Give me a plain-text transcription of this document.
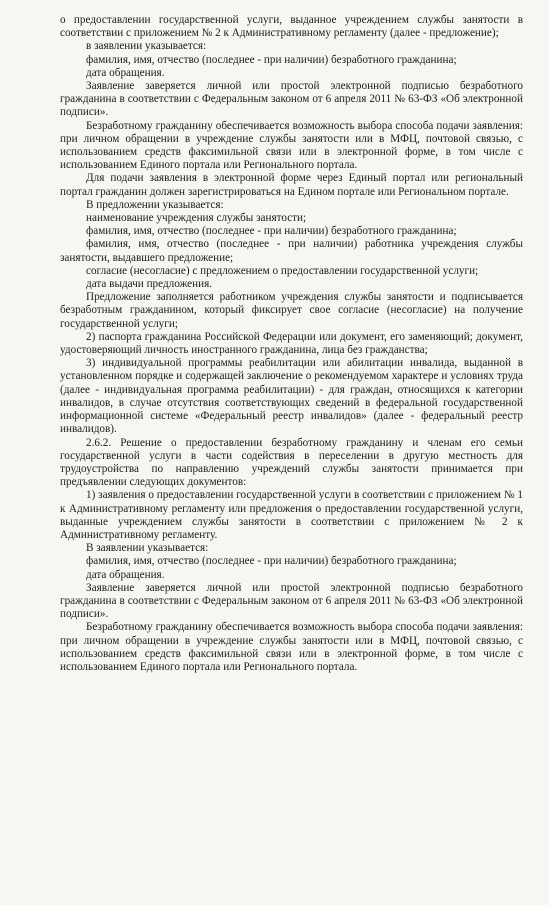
о предоставлении государственной услуги, выданное учреждением службы занятости в соответствии с приложением № 2 к Административному регламенту (далее - предложение);

в заявлении указывается:

фамилия, имя, отчество (последнее - при наличии) безработного гражданина;

дата обращения.

Заявление заверяется личной или простой электронной подписью безработного гражданина в соответствии с Федеральным законом от 6 апреля 2011 № 63-ФЗ «Об электронной подписи».

Безработному гражданину обеспечивается возможность выбора способа подачи заявления: при личном обращении в учреждение службы занятости или в МФЦ, почтовой связью, с использованием средств факсимильной связи или в электронной форме, в том числе с использованием Единого портала или Регионального портала.

Для подачи заявления в электронной форме через Единый портал или региональный портал гражданин должен зарегистрироваться на Едином портале или Региональном портале.

В предложении указывается:

наименование учреждения службы занятости;

фамилия, имя, отчество (последнее - при наличии) безработного гражданина;

фамилия, имя, отчество (последнее - при наличии) работника учреждения службы занятости, выдавшего предложение;

согласие (несогласие) с предложением о предоставлении государственной услуги;

дата выдачи предложения.

Предложение заполняется работником учреждения службы занятости и подписывается безработным гражданином, который фиксирует свое согласие (несогласие) на получение государственной услуги;

2) паспорта гражданина Российской Федерации или документ, его заменяющий; документ, удостоверяющий личность иностранного гражданина, лица без гражданства;

3) индивидуальной программы реабилитации или абилитации инвалида, выданной в установленном порядке и содержащей заключение о рекомендуемом характере и условиях труда (далее - индивидуальная программа реабилитации) - для граждан, относящихся к категории инвалидов, в случае отсутствия соответствующих сведений в федеральной государственной информационной системе «Федеральный реестр инвалидов» (далее - федеральный реестр инвалидов).

2.6.2. Решение о предоставлении безработному гражданину и членам его семьи государственной услуги в части содействия в переселении в другую местность для трудоустройства по направлению учреждений службы занятости принимается при предъявлении следующих документов:

1) заявления о предоставлении государственной услуги в соответствии с приложением № 1 к Административному регламенту или предложения о предоставлении государственной услуги, выданные учреждением службы занятости в соответствии с приложением № 2 к Административному регламенту.

В заявлении указывается:

фамилия, имя, отчество (последнее - при наличии) безработного гражданина;

дата обращения.

Заявление заверяется личной или простой электронной подписью безработного гражданина в соответствии с Федеральным законом от 6 апреля 2011 № 63-ФЗ «Об электронной подписи».

Безработному гражданину обеспечивается возможность выбора способа подачи заявления: при личном обращении в учреждение службы занятости или в МФЦ, почтовой связью, с использованием средств факсимильной связи или в электронной форме, в том числе с использованием Единого портала или Регионального портала.
